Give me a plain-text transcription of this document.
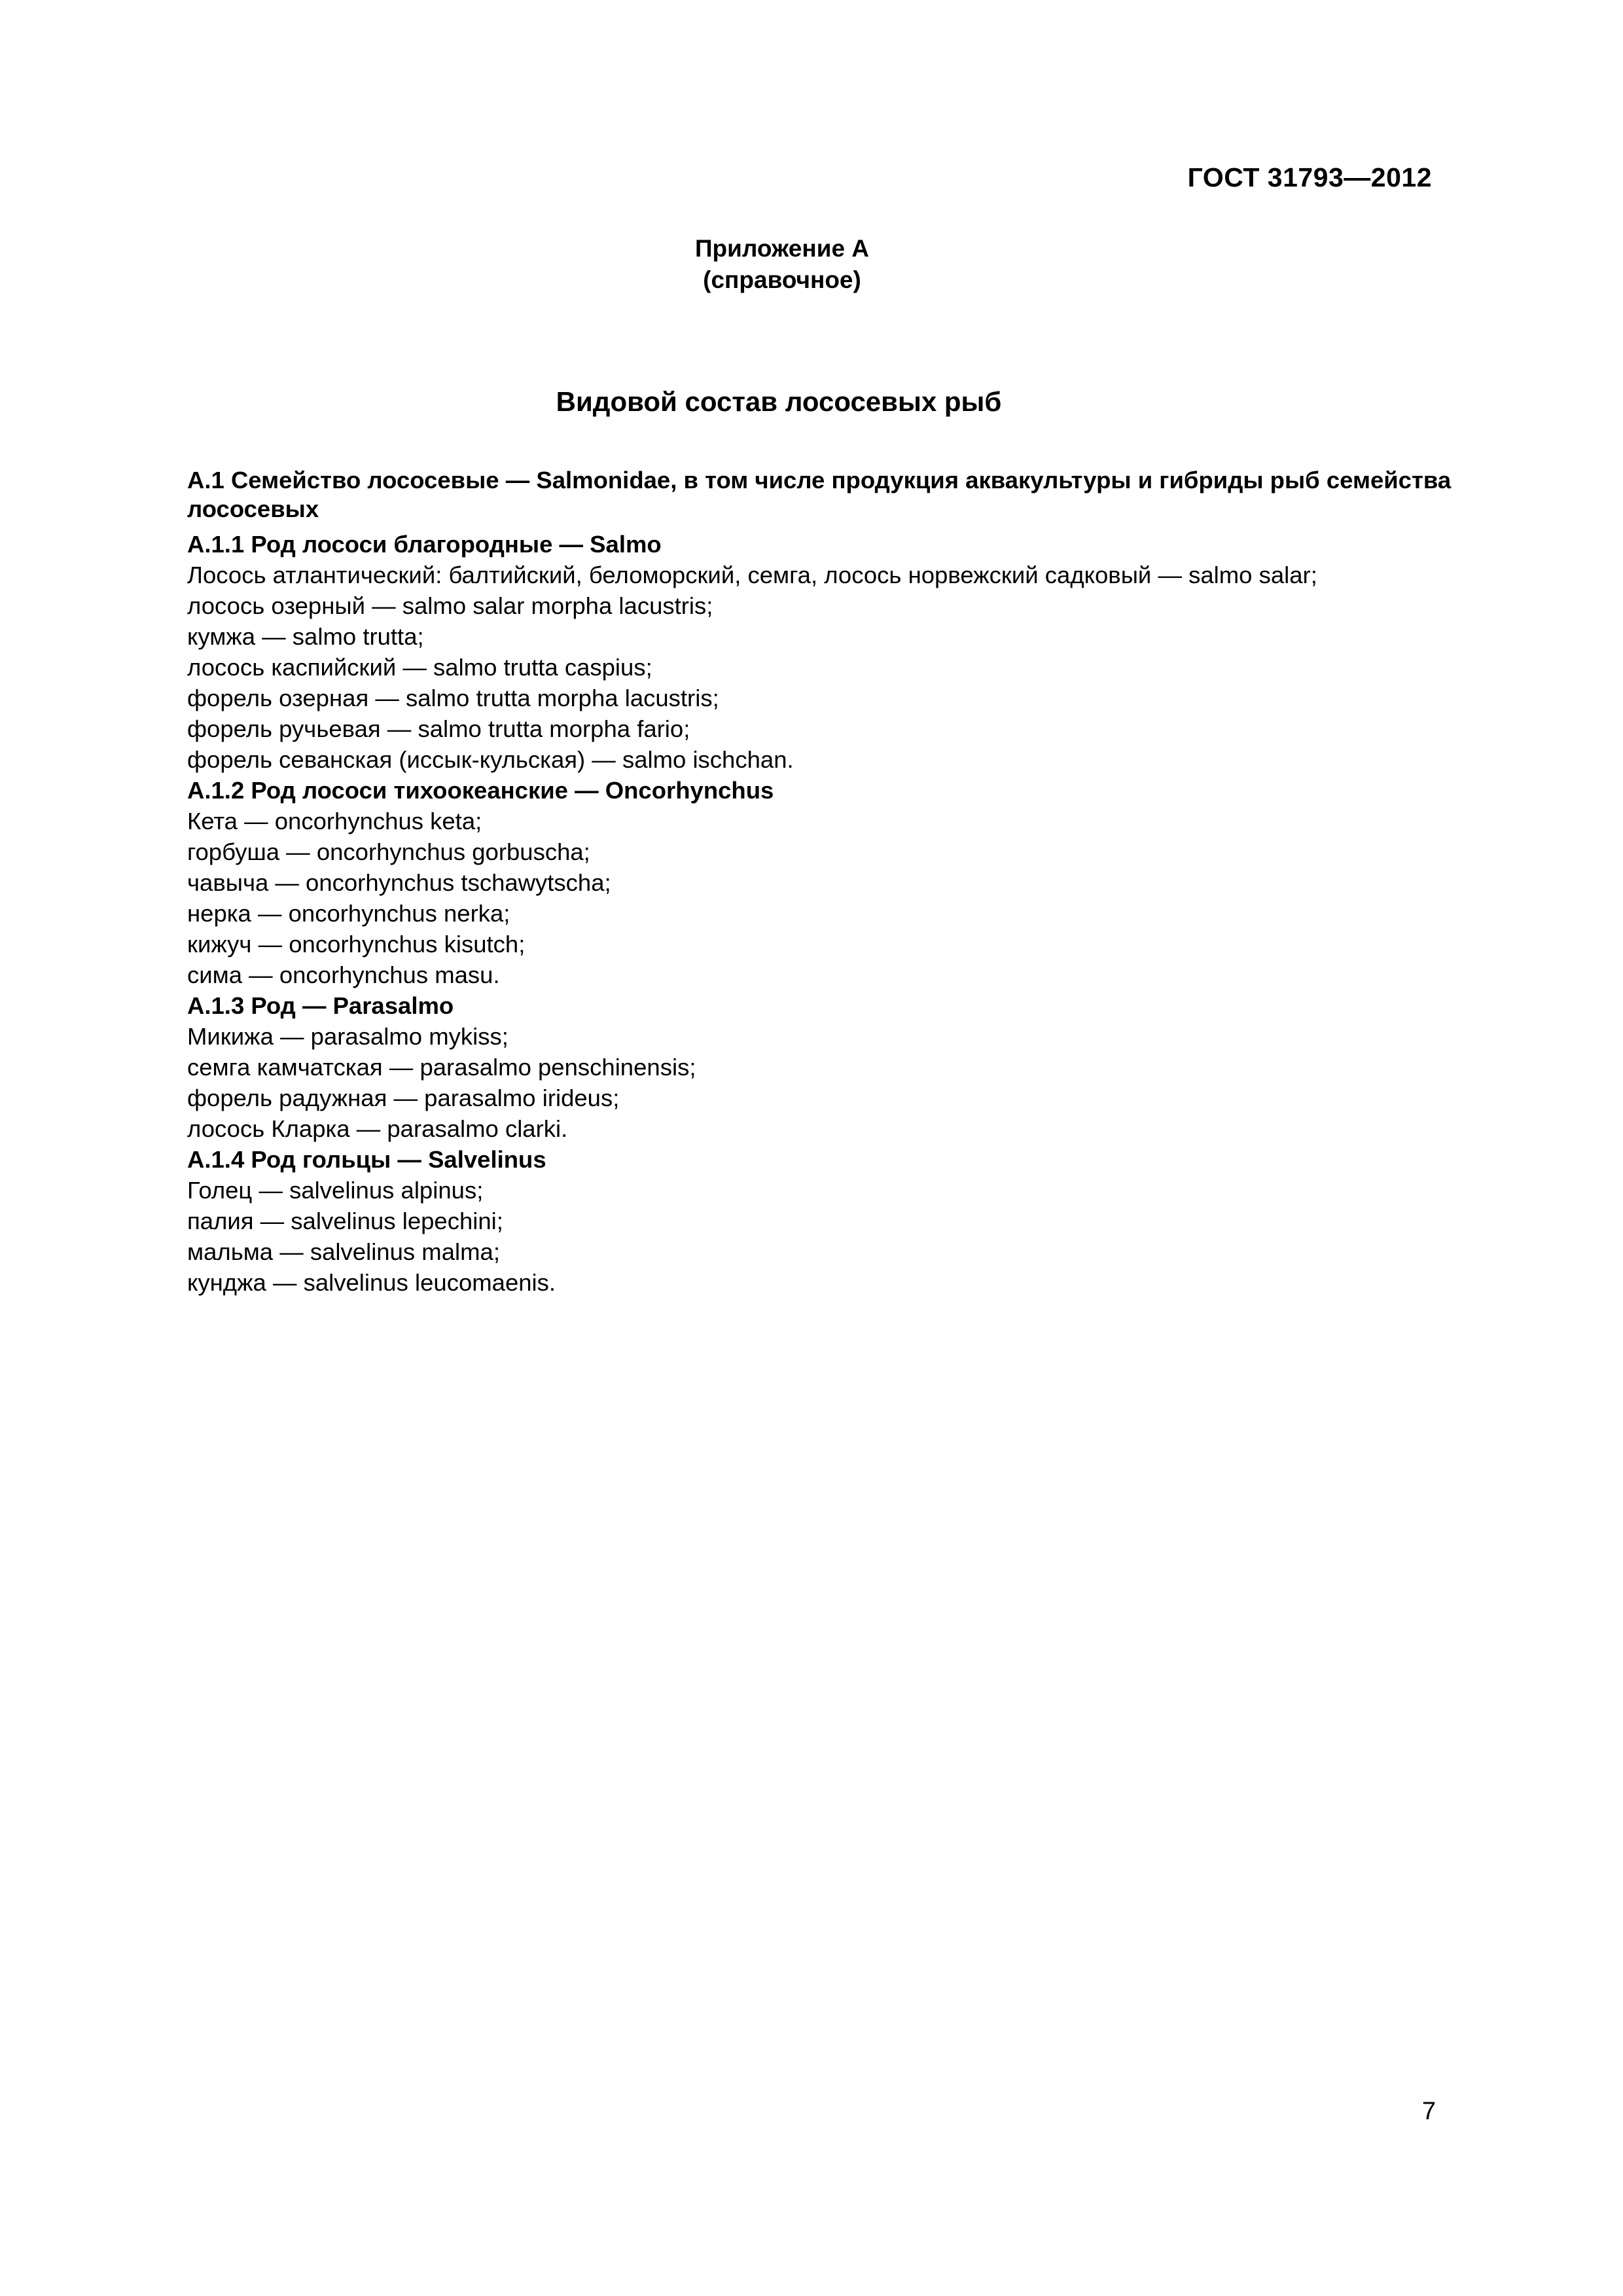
ГОСТ 31793—2012
Приложение А
(справочное)
Видовой состав лососевых рыб
А.1 Семейство лососевые — Salmonidae, в том числе продукция аквакультуры и гибриды рыб семейства лососевых
А.1.1 Род лососи благородные — Salmo
Лосось атлантический: балтийский, беломорский, семга, лосось норвежский садковый — salmo salar;
лосось озерный — salmo salar morpha lacustris;
кумжа — salmo trutta;
лосось каспийский — salmo trutta caspius;
форель озерная — salmo trutta morpha lacustris;
форель ручьевая — salmo trutta morpha fario;
форель севанская (иссык-кульская) — salmo ischchan.
А.1.2 Род лососи тихоокеанские — Oncorhynchus
Кета — oncorhynchus keta;
горбуша — oncorhynchus gorbuscha;
чавыча — oncorhynchus tschawytscha;
нерка — oncorhynchus nerka;
кижуч — oncorhynchus kisutch;
сима — oncorhynchus masu.
А.1.3 Род — Parasalmo
Микижа — parasalmo mykiss;
семга камчатская — parasalmo penschinensis;
форель радужная — parasalmo irideus;
лосось Кларка — parasalmo clarki.
А.1.4 Род гольцы — Salvelinus
Голец — salvelinus alpinus;
палия — salvelinus lepechini;
мальма — salvelinus malma;
кунджа — salvelinus leucomaenis.
7
